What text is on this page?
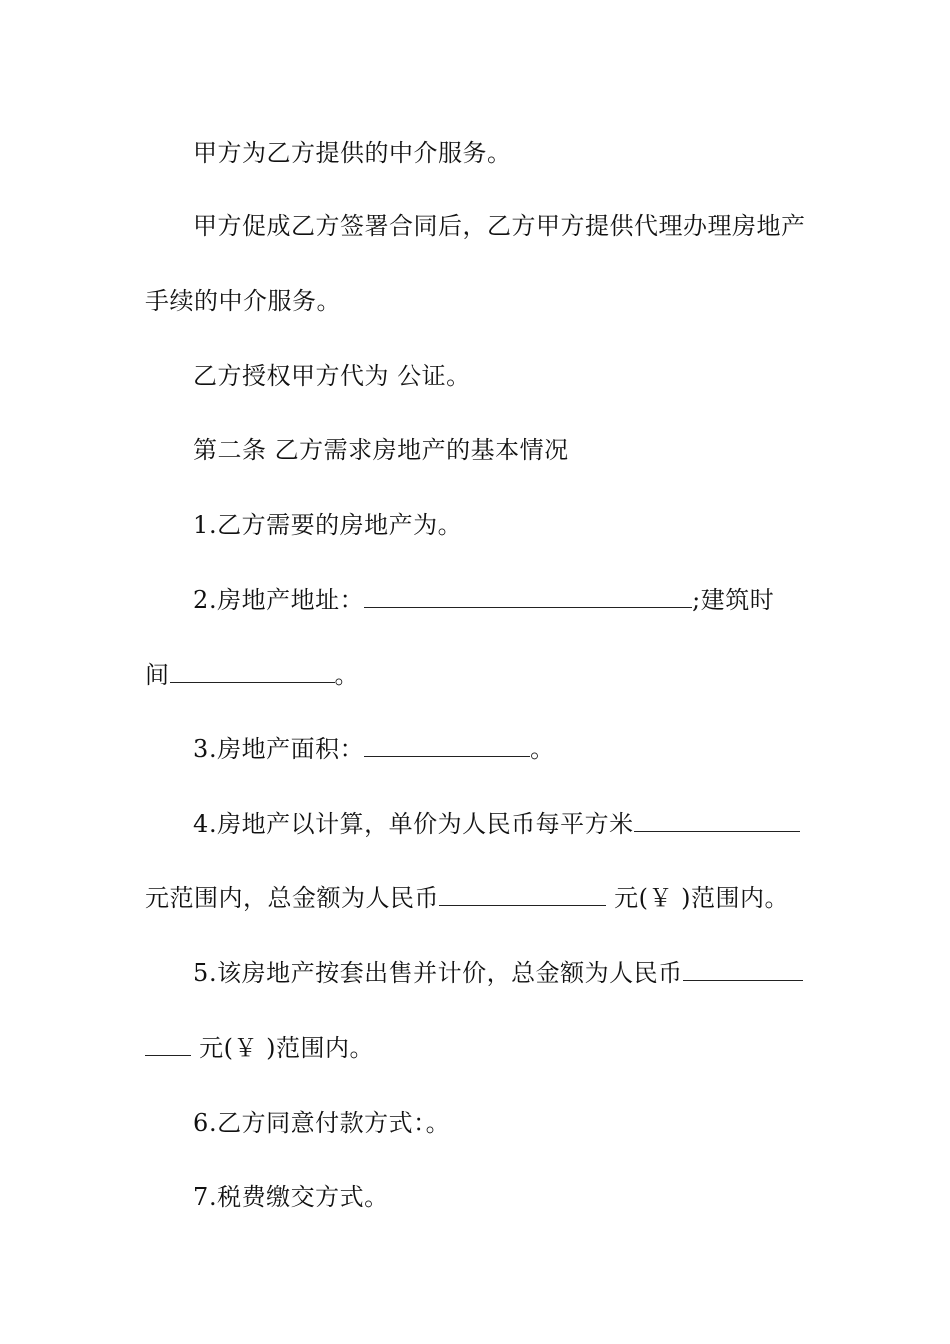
甲方为乙方提供的中介服务。
甲方促成乙方签署合同后，乙方甲方提供代理办理房地产
手续的中介服务。
乙方授权甲方代为 公证。
第二条 乙方需求房地产的基本情况
1.乙方需要的房地产为。
2.房地产地址：	;建筑时
间	。
3.房地产面积：	。
4.房地产以计算，单价为人民币每平方米
元范围内，总金额为人民币	元(￥ )范围内。
5.该房地产按套出售并计价，总金额为人民币
元(￥ )范围内。
6.乙方同意付款方式：。
7.税费缴交方式。
